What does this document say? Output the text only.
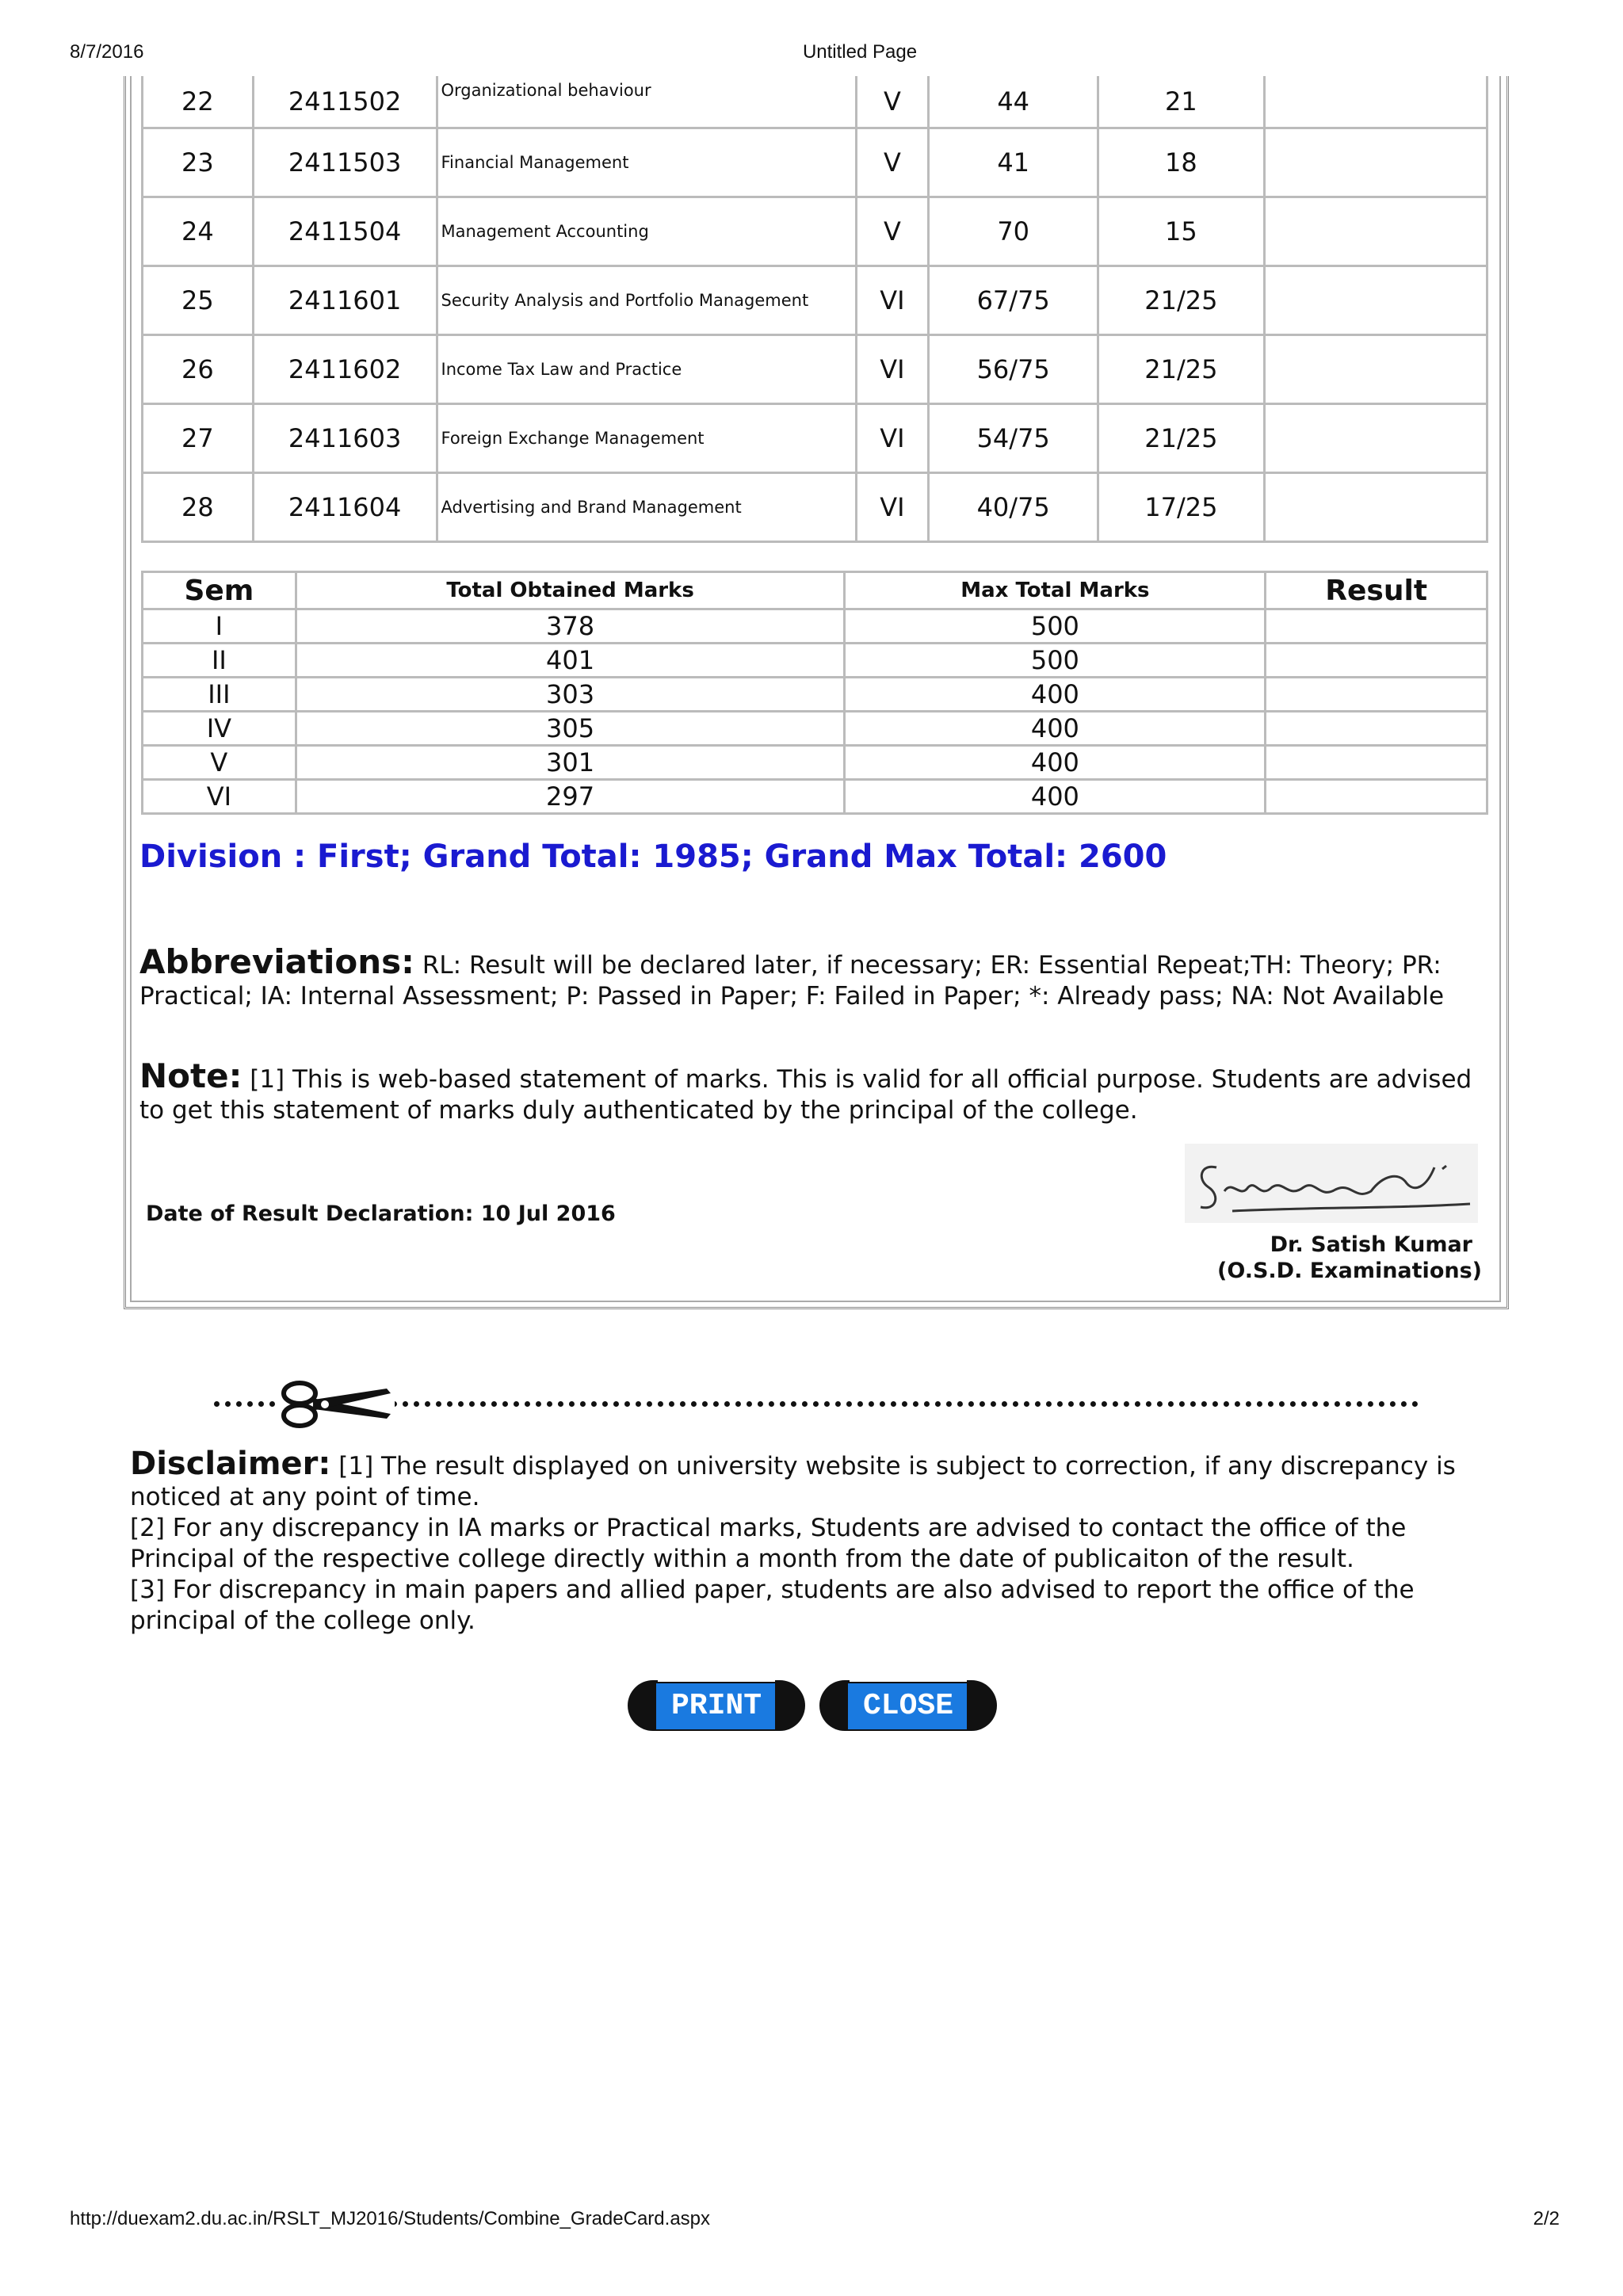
8/7/2016	Untitled Page
22	2411502	Organizational behaviour	V	44	21	
23	2411503	Financial Management	V	41	18	
24	2411504	Management Accounting	V	70	15	
25	2411601	Security Analysis and Portfolio Management	VI	67/75	21/25	
26	2411602	Income Tax Law and Practice	VI	56/75	21/25	
27	2411603	Foreign Exchange Management	VI	54/75	21/25	
28	2411604	Advertising and Brand Management	VI	40/75	17/25	
Sem	Total Obtained Marks	Max Total Marks	Result
I	378	500	
II	401	500	
III	303	400	
IV	305	400	
V	301	400	
VI	297	400	
Division : First; Grand Total: 1985; Grand Max Total: 2600
Abbreviations: RL: Result will be declared later, if necessary; ER: Essential Repeat;TH: Theory; PR: Practical; IA: Internal Assessment; P: Passed in Paper; F: Failed in Paper; *: Already pass; NA: Not Available
Note: [1] This is web-based statement of marks. This is valid for all official purpose. Students are advised to get this statement of marks duly authenticated by the principal of the college.
Date of Result Declaration: 10 Jul 2016
Dr. Satish Kumar
(O.S.D. Examinations)
Disclaimer: [1] The result displayed on university website is subject to correction, if any discrepancy is noticed at any point of time.
[2] For any discrepancy in IA marks or Practical marks, Students are advised to contact the office of the Principal of the respective college directly within a month from the date of publicaiton of the result.
[3] For discrepancy in main papers and allied paper, students are also advised to report the office of the principal of the college only.
PRINT	CLOSE
http://duexam2.du.ac.in/RSLT_MJ2016/Students/Combine_GradeCard.aspx	2/2
